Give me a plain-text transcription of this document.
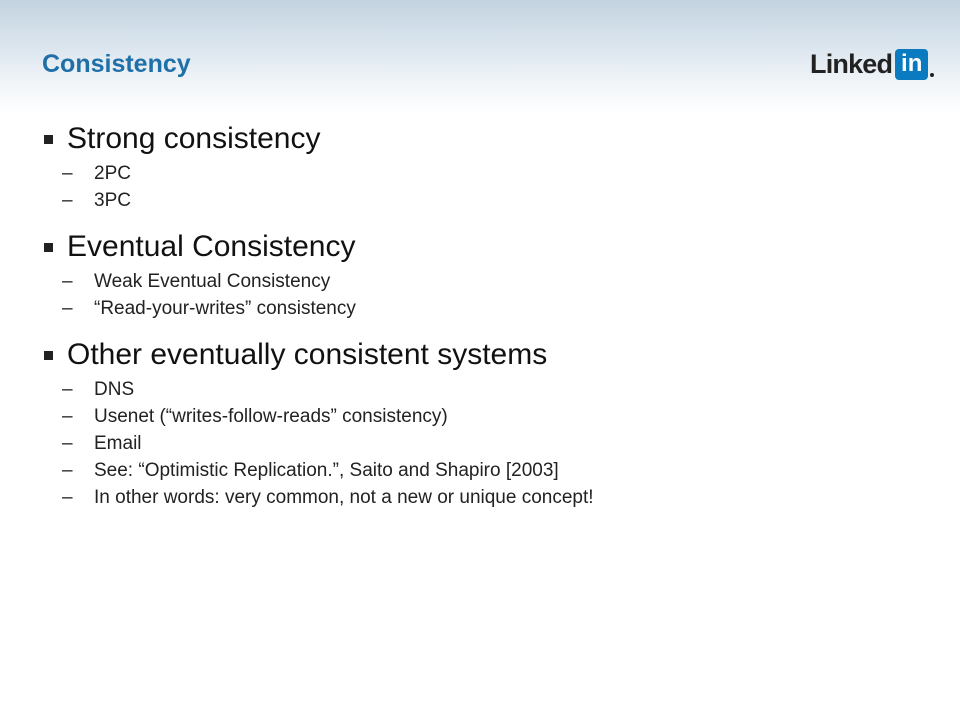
Consistency	Linked in
Strong consistency
–	2PC
–	3PC
Eventual Consistency
–	Weak Eventual Consistency
–	“Read-your-writes” consistency
Other eventually consistent systems
–	DNS
–	Usenet (“writes-follow-reads” consistency)
–	Email
–	See: “Optimistic Replication.”, Saito and Shapiro [2003]
–	In other words: very common, not a new or unique concept!
